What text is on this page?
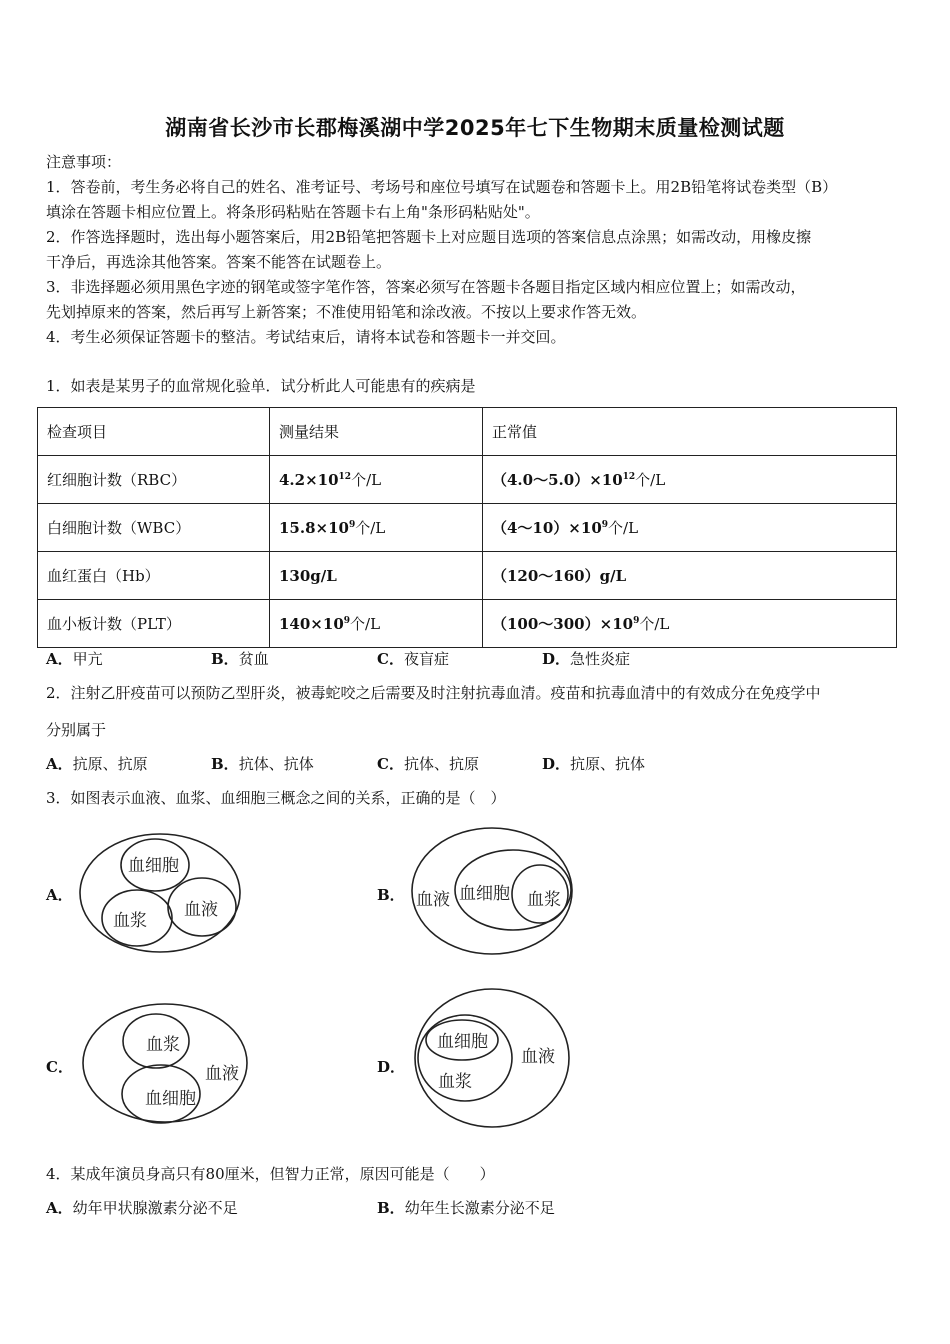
湖南省长沙市长郡梅溪湖中学2025年七下生物期末质量检测试题
注意事项：
1．答卷前，考生务必将自己的姓名、准考证号、考场号和座位号填写在试题卷和答题卡上。用2B铅笔将试卷类型（B）
填涂在答题卡相应位置上。将条形码粘贴在答题卡右上角"条形码粘贴处"。
2．作答选择题时，选出每小题答案后，用2B铅笔把答题卡上对应题目选项的答案信息点涂黑；如需改动，用橡皮擦
干净后，再选涂其他答案。答案不能答在试题卷上。
3．非选择题必须用黑色字迹的钢笔或签字笔作答，答案必须写在答题卡各题目指定区域内相应位置上；如需改动，
先划掉原来的答案，然后再写上新答案；不准使用铅笔和涂改液。不按以上要求作答无效。
4．考生必须保证答题卡的整洁。考试结束后，请将本试卷和答题卡一并交回。
1．如表是某男子的血常规化验单．试分析此人可能患有的疾病是
检查项目	测量结果	正常值
红细胞计数（RBC）	$4.2\times 10^{12}$个/L	$(4.0\sim 5.0)\times 10^{12}$个/L
白细胞计数（WBC）	$15.8\times 10^9$个/L	$(4\sim 10)\times 10^9$个/L
血红蛋白（Hb）	130g/L	（120～160）g/L
血小板计数（PLT）	$140\times 10^9$个/L	$(100\sim 300)\times 10^9$个/L
A．甲亢	B．贫血	C．夜盲症	D．急性炎症
2．注射乙肝疫苗可以预防乙型肝炎，被毒蛇咬之后需要及时注射抗毒血清。疫苗和抗毒血清中的有效成分在免疫学中
分别属于
A．抗原、抗原	B．抗体、抗体	C．抗体、抗原	D．抗原、抗体
3．如图表示血液、血浆、血细胞三概念之间的关系，正确的是（　）
A．
血细胞
血浆
血液	血液 血细胞 血浆
血浆
血液
血细胞
血细胞
血浆
血液
B．
C．	D．
4．某成年演员身高只有80厘米，但智力正常，原因可能是（　　）
A．幼年甲状腺激素分泌不足	B．幼年生长激素分泌不足
